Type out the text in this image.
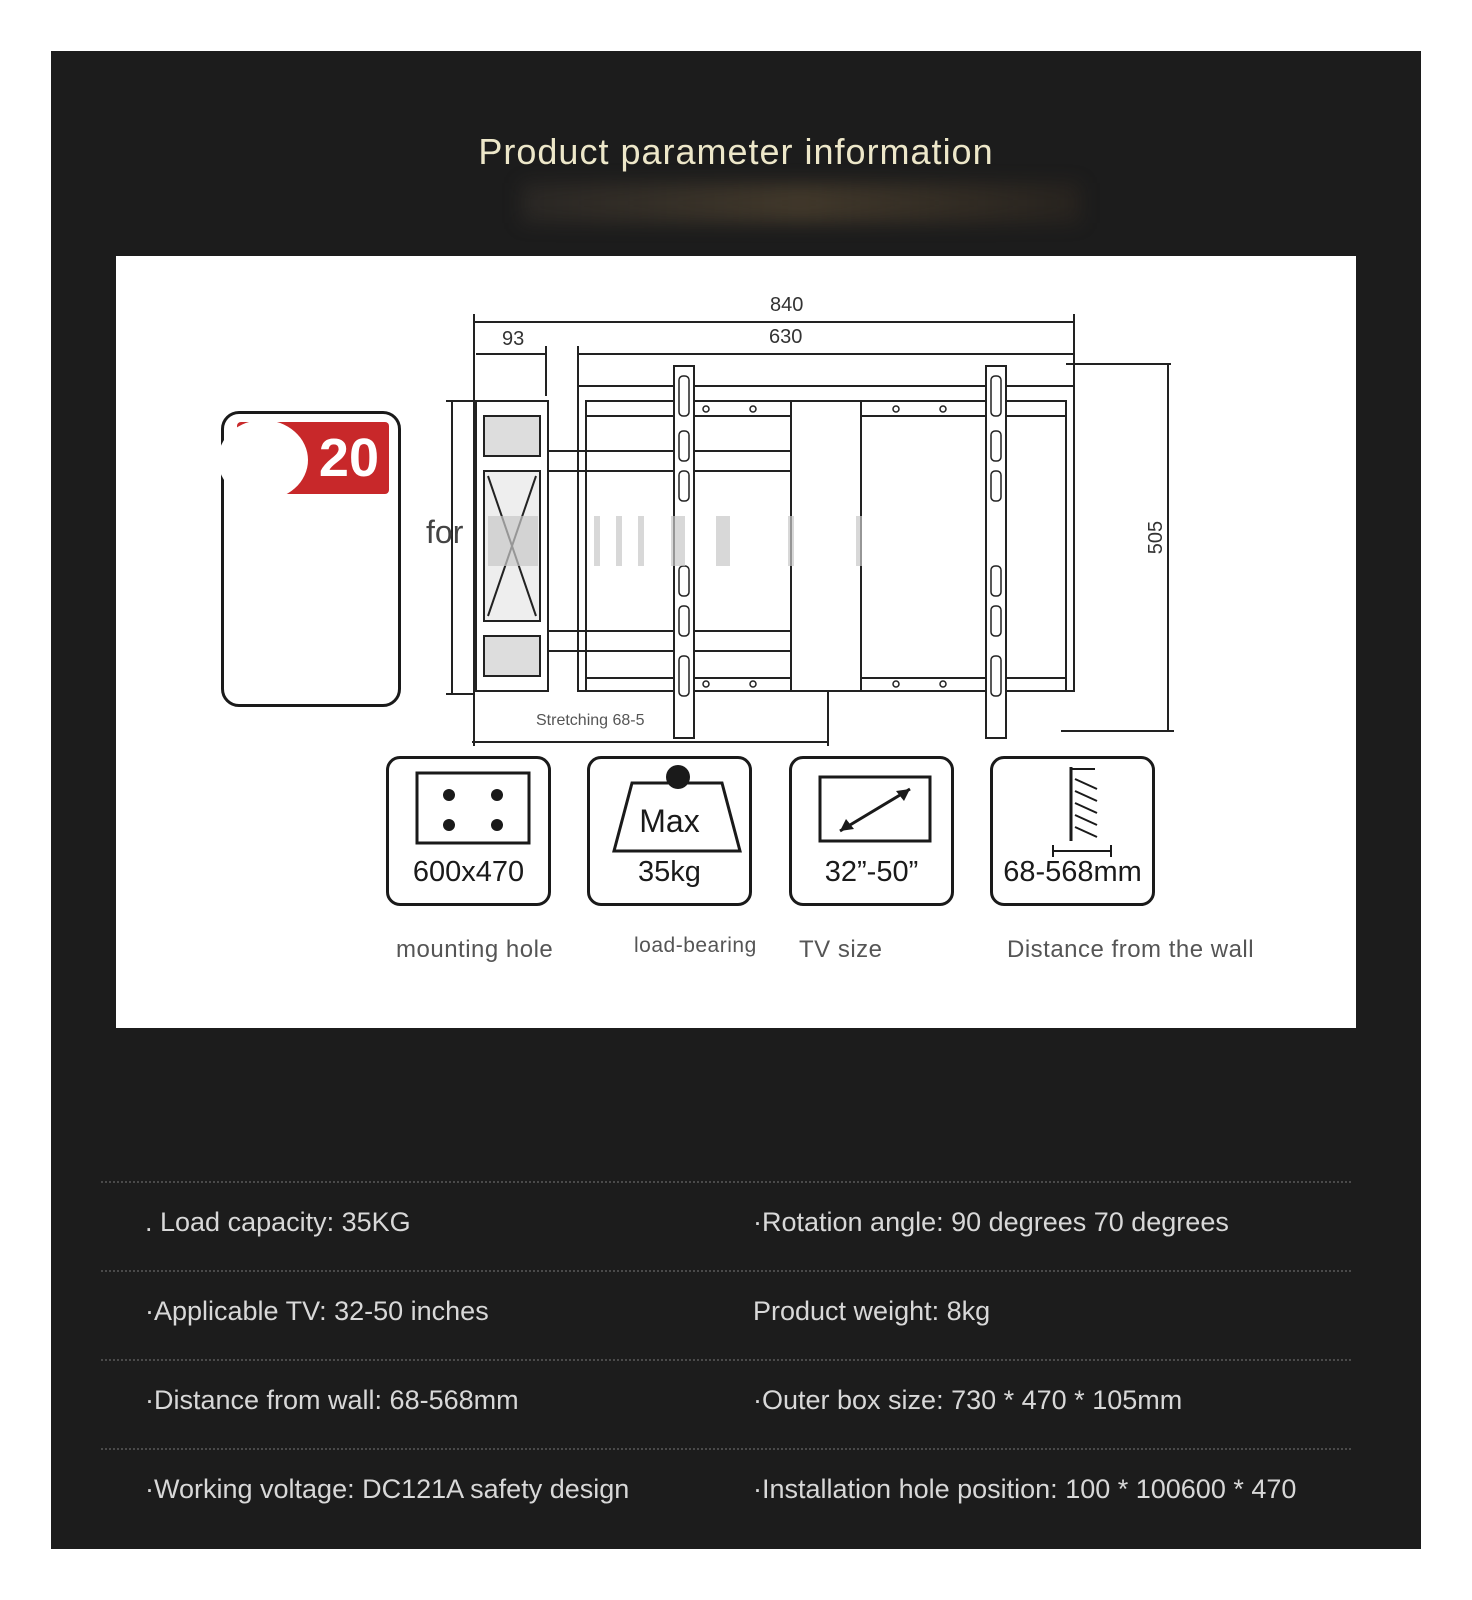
Product parameter information
840
630
93
505
Stretching 68-5
20
for
600x470
Max
35kg	32”-50”	68-568mm
mounting hole	load-bearing TV size	Distance from the wall
. Load capacity: 35KG	·Rotation angle: 90 degrees 70 degrees
·Applicable TV: 32-50 inches	Product weight: 8kg
·Distance from wall: 68-568mm	·Outer box size: 730 * 470 * 105mm
·Working voltage: DC121A safety design	·Installation hole position: 100 * 100600 * 470
